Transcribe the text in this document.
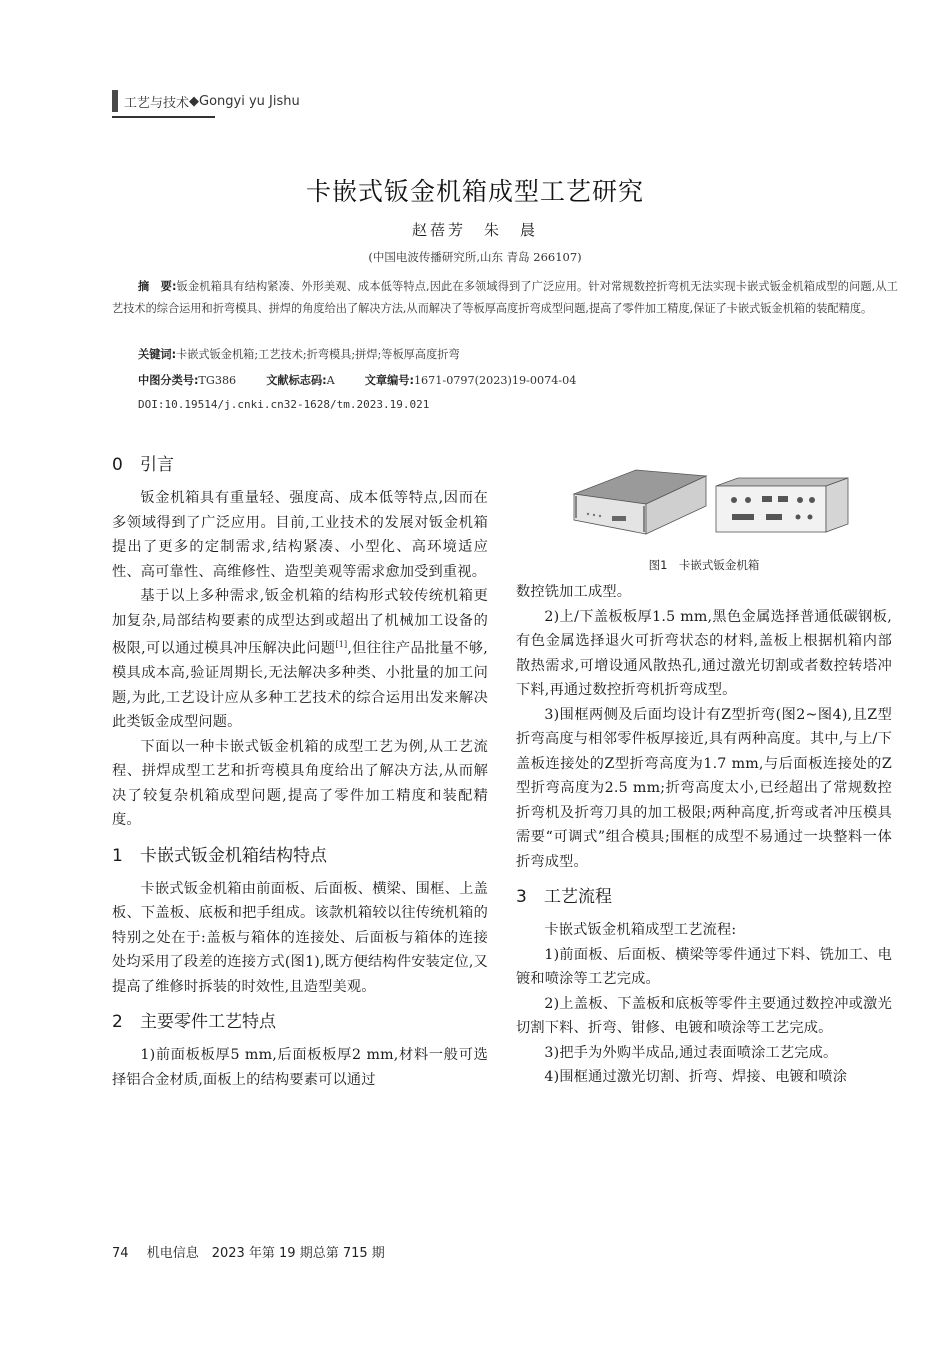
工艺与技术 ◆ Gongyi yu Jishu
卡嵌式钣金机箱成型工艺研究
赵蓓芳　朱　晨
(中国电波传播研究所,山东 青岛 266107)
摘　要:钣金机箱具有结构紧凑、外形美观、成本低等特点,因此在多领域得到了广泛应用。针对常规数控折弯机无法实现卡嵌式钣金机箱成型的问题,从工艺技术的综合运用和折弯模具、拼焊的角度给出了解决方法,从而解决了等板厚高度折弯成型问题,提高了零件加工精度,保证了卡嵌式钣金机箱的装配精度。
关键词:卡嵌式钣金机箱;工艺技术;折弯模具;拼焊;等板厚高度折弯
中图分类号:TG386	文献标志码:A	文章编号:1671-0797(2023)19-0074-04
DOI:10.19514/j.cnki.cn32-1628/tm.2023.19.021
0 引言

钣金机箱具有重量轻、强度高、成本低等特点,因而在多领域得到了广泛应用。目前,工业技术的发展对钣金机箱提出了更多的定制需求,结构紧凑、小型化、高环境适应性、高可靠性、高维修性、造型美观等需求愈加受到重视。

基于以上多种需求,钣金机箱的结构形式较传统机箱更加复杂,局部结构要素的成型达到或超出了机械加工设备的极限,可以通过模具冲压解决此问题[1],但往往产品批量不够,模具成本高,验证周期长,无法解决多种类、小批量的加工问题,为此,工艺设计应从多种工艺技术的综合运用出发来解决此类钣金成型问题。

下面以一种卡嵌式钣金机箱的成型工艺为例,从工艺流程、拼焊成型工艺和折弯模具角度给出了解决方法,从而解决了较复杂机箱成型问题,提高了零件加工精度和装配精度。

1 卡嵌式钣金机箱结构特点

卡嵌式钣金机箱由前面板、后面板、横梁、围框、上盖板、下盖板、底板和把手组成。该款机箱较以往传统机箱的特别之处在于:盖板与箱体的连接处、后面板与箱体的连接处均采用了段差的连接方式(图1),既方便结构件安装定位,又提高了维修时拆装的时效性,且造型美观。

2 主要零件工艺特点

1)前面板板厚5 mm,后面板板厚2 mm,材料一般可选择铝合金材质,面板上的结构要素可以通过

图1　卡嵌式钣金机箱

数控铣加工成型。

2)上/下盖板板厚1.5 mm,黑色金属选择普通低碳钢板,有色金属选择退火可折弯状态的材料,盖板上根据机箱内部散热需求,可增设通风散热孔,通过激光切割或者数控转塔冲下料,再通过数控折弯机折弯成型。

3)围框两侧及后面均设计有Z型折弯(图2~图4),且Z型折弯高度与相邻零件板厚接近,具有两种高度。其中,与上/下盖板连接处的Z型折弯高度为1.7 mm,与后面板连接处的Z型折弯高度为2.5 mm;折弯高度太小,已经超出了常规数控折弯机及折弯刀具的加工极限;两种高度,折弯或者冲压模具需要“可调式”组合模具;围框的成型不易通过一块整料一体折弯成型。

3 工艺流程

卡嵌式钣金机箱成型工艺流程:

1)前面板、后面板、横梁等零件通过下料、铣加工、电镀和喷涂等工艺完成。

2)上盖板、下盖板和底板等零件主要通过数控冲或激光切割下料、折弯、钳修、电镀和喷涂等工艺完成。

3)把手为外购半成品,通过表面喷涂工艺完成。

4)围框通过激光切割、折弯、焊接、电镀和喷涂

74 机电信息　2023 年第 19 期总第 715 期
